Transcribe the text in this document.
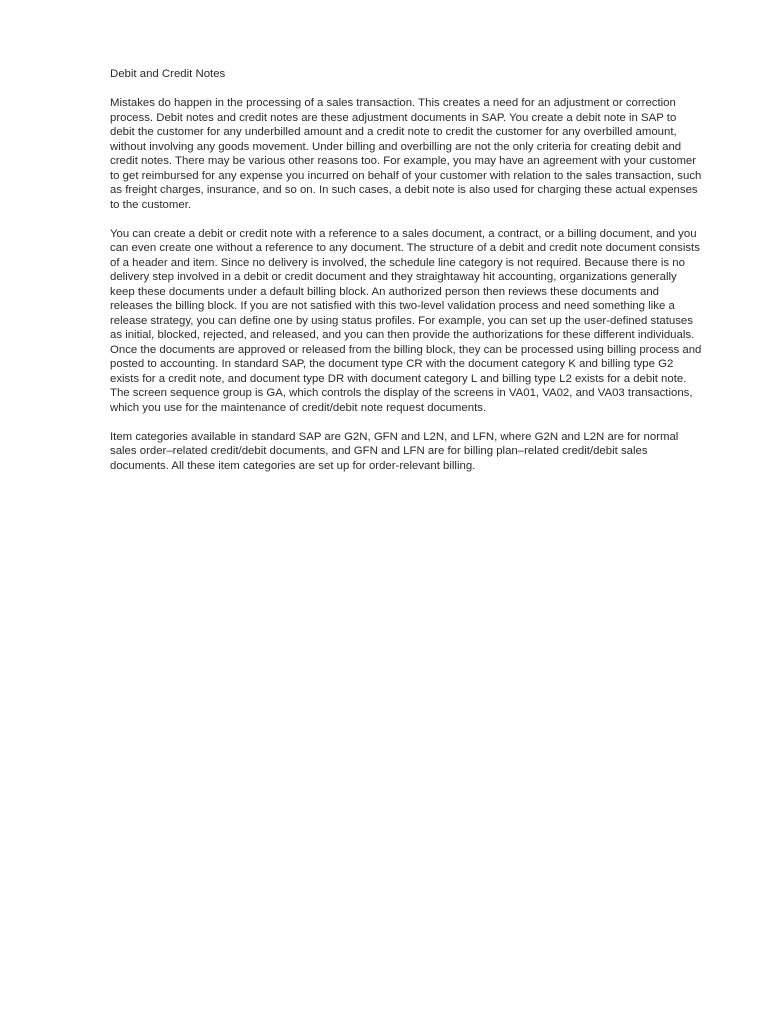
Debit and Credit Notes
Mistakes do happen in the processing of a sales transaction. This creates a need for an adjustment or correction
process. Debit notes and credit notes are these adjustment documents in SAP. You create a debit note in SAP to
debit the customer for any underbilled amount and a credit note to credit the customer for any overbilled amount,
without involving any goods movement. Under billing and overbilling are not the only criteria for creating debit and
credit notes. There may be various other reasons too. For example, you may have an agreement with your customer
to get reimbursed for any expense you incurred on behalf of your customer with relation to the sales transaction, such
as freight charges, insurance, and so on. In such cases, a debit note is also used for charging these actual expenses
to the customer.
You can create a debit or credit note with a reference to a sales document, a contract, or a billing document, and you
can even create one without a reference to any document. The structure of a debit and credit note document consists
of a header and item. Since no delivery is involved, the schedule line category is not required. Because there is no
delivery step involved in a debit or credit document and they straightaway hit accounting, organizations generally
keep these documents under a default billing block. An authorized person then reviews these documents and
releases the billing block. If you are not satisfied with this two-level validation process and need something like a
release strategy, you can define one by using status profiles. For example, you can set up the user-defined statuses
as initial, blocked, rejected, and released, and you can then provide the authorizations for these different individuals.
Once the documents are approved or released from the billing block, they can be processed using billing process and
posted to accounting. In standard SAP, the document type CR with the document category K and billing type G2
exists for a credit note, and document type DR with document category L and billing type L2 exists for a debit note.
The screen sequence group is GA, which controls the display of the screens in VA01, VA02, and VA03 transactions,
which you use for the maintenance of credit/debit note request documents.
Item categories available in standard SAP are G2N, GFN and L2N, and LFN, where G2N and L2N are for normal
sales order–related credit/debit documents, and GFN and LFN are for billing plan–related credit/debit sales
documents. All these item categories are set up for order-relevant billing.
